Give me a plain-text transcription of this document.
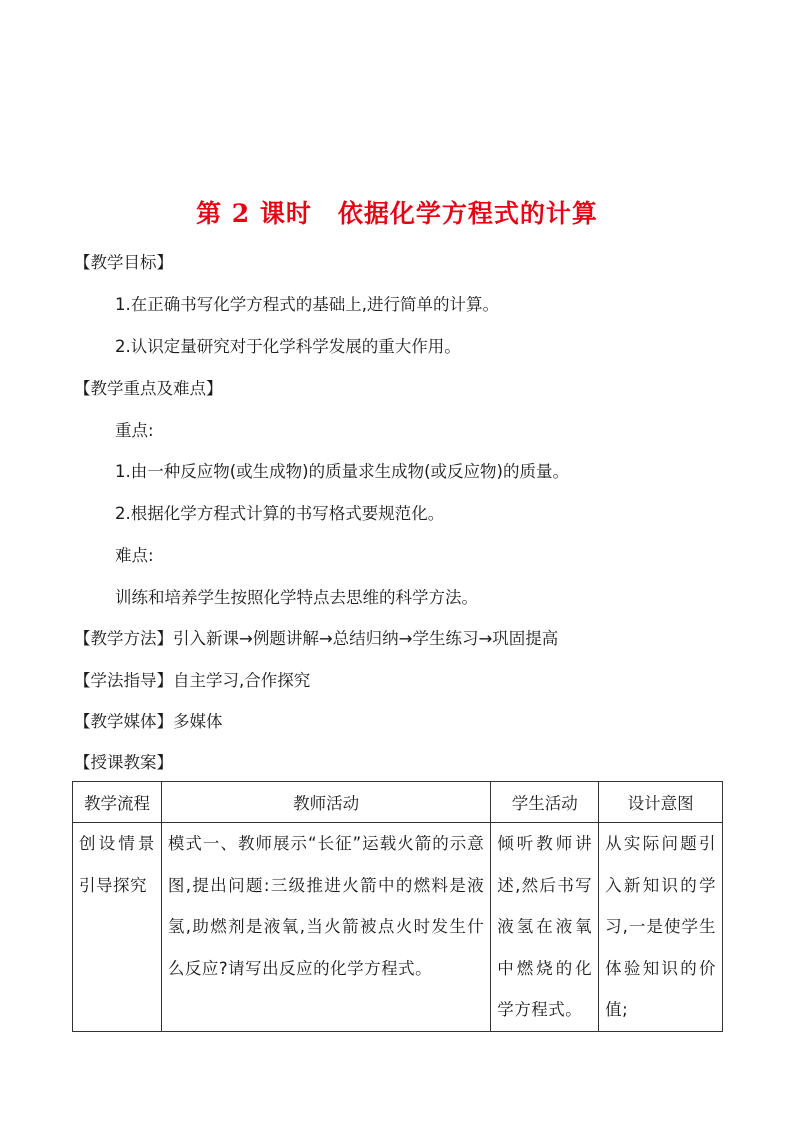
第 2 课时　依据化学方程式的计算
【教学目标】
1.在正确书写化学方程式的基础上,进行简单的计算。
2.认识定量研究对于化学科学发展的重大作用。
【教学重点及难点】
重点:
1.由一种反应物(或生成物)的质量求生成物(或反应物)的质量。
2.根据化学方程式计算的书写格式要规范化。
难点:
训练和培养学生按照化学特点去思维的科学方法。
【教学方法】引入新课→例题讲解→总结归纳→学生练习→巩固提高
【学法指导】自主学习,合作探究
【教学媒体】多媒体
【授课教案】
教学流程	教师活动	学生活动	设计意图

创设情景引导探究	模式一、教师展示“长征”运载火箭的示意图,提出问题:三级推进火箭中的燃料是液氢,助燃剂是液氧,当火箭被点火时发生什么反应?请写出反应的化学方程式。	倾听教师讲述,然后书写液氢在液氧中燃烧的化学方程式。	从实际问题引入新知识的学习,一是使学生体验知识的价值;
